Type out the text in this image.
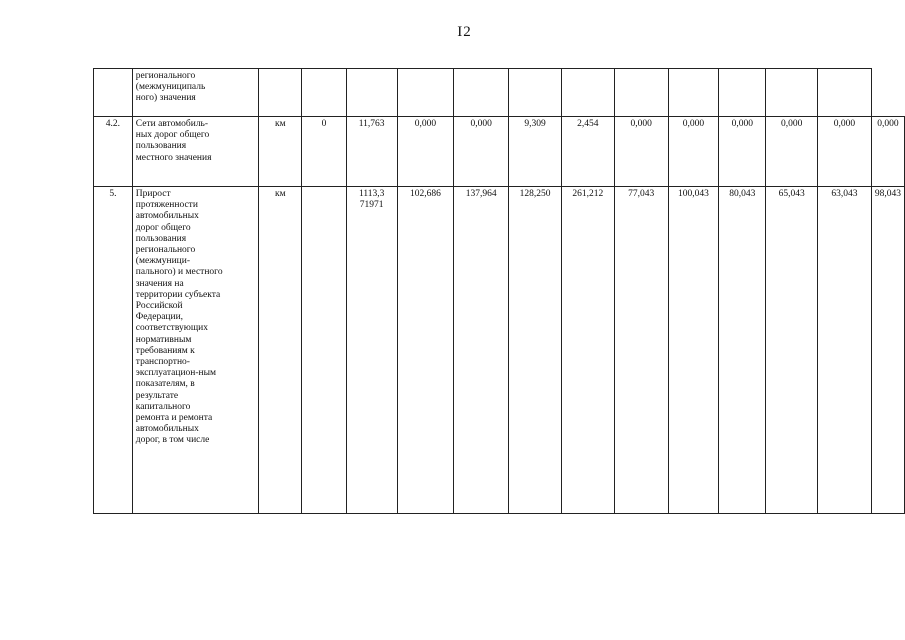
I2

	регионального (межмуниципаль ного) значения													

4.2.	Сети автомобиль-ных дорог общего пользования местного значения	км	0	11,763	0,000	0,000	9,309	2,454	0,000	0,000	0,000	0,000	0,000	0,000
5.	Прирост протяженности автомобильных дорог общего пользования регионального (межмуници-пального) и местного значения на территории субъекта Российской Федерации, соответствующих нормативным требованиям к транспортно-эксплуатацион-ным показателям, в результате капитального ремонта и ремонта автомобильных дорог, в том числе	км		1113,3 71971	102,686	137,964	128,250	261,212	77,043	100,043	80,043	65,043	63,043	98,043
